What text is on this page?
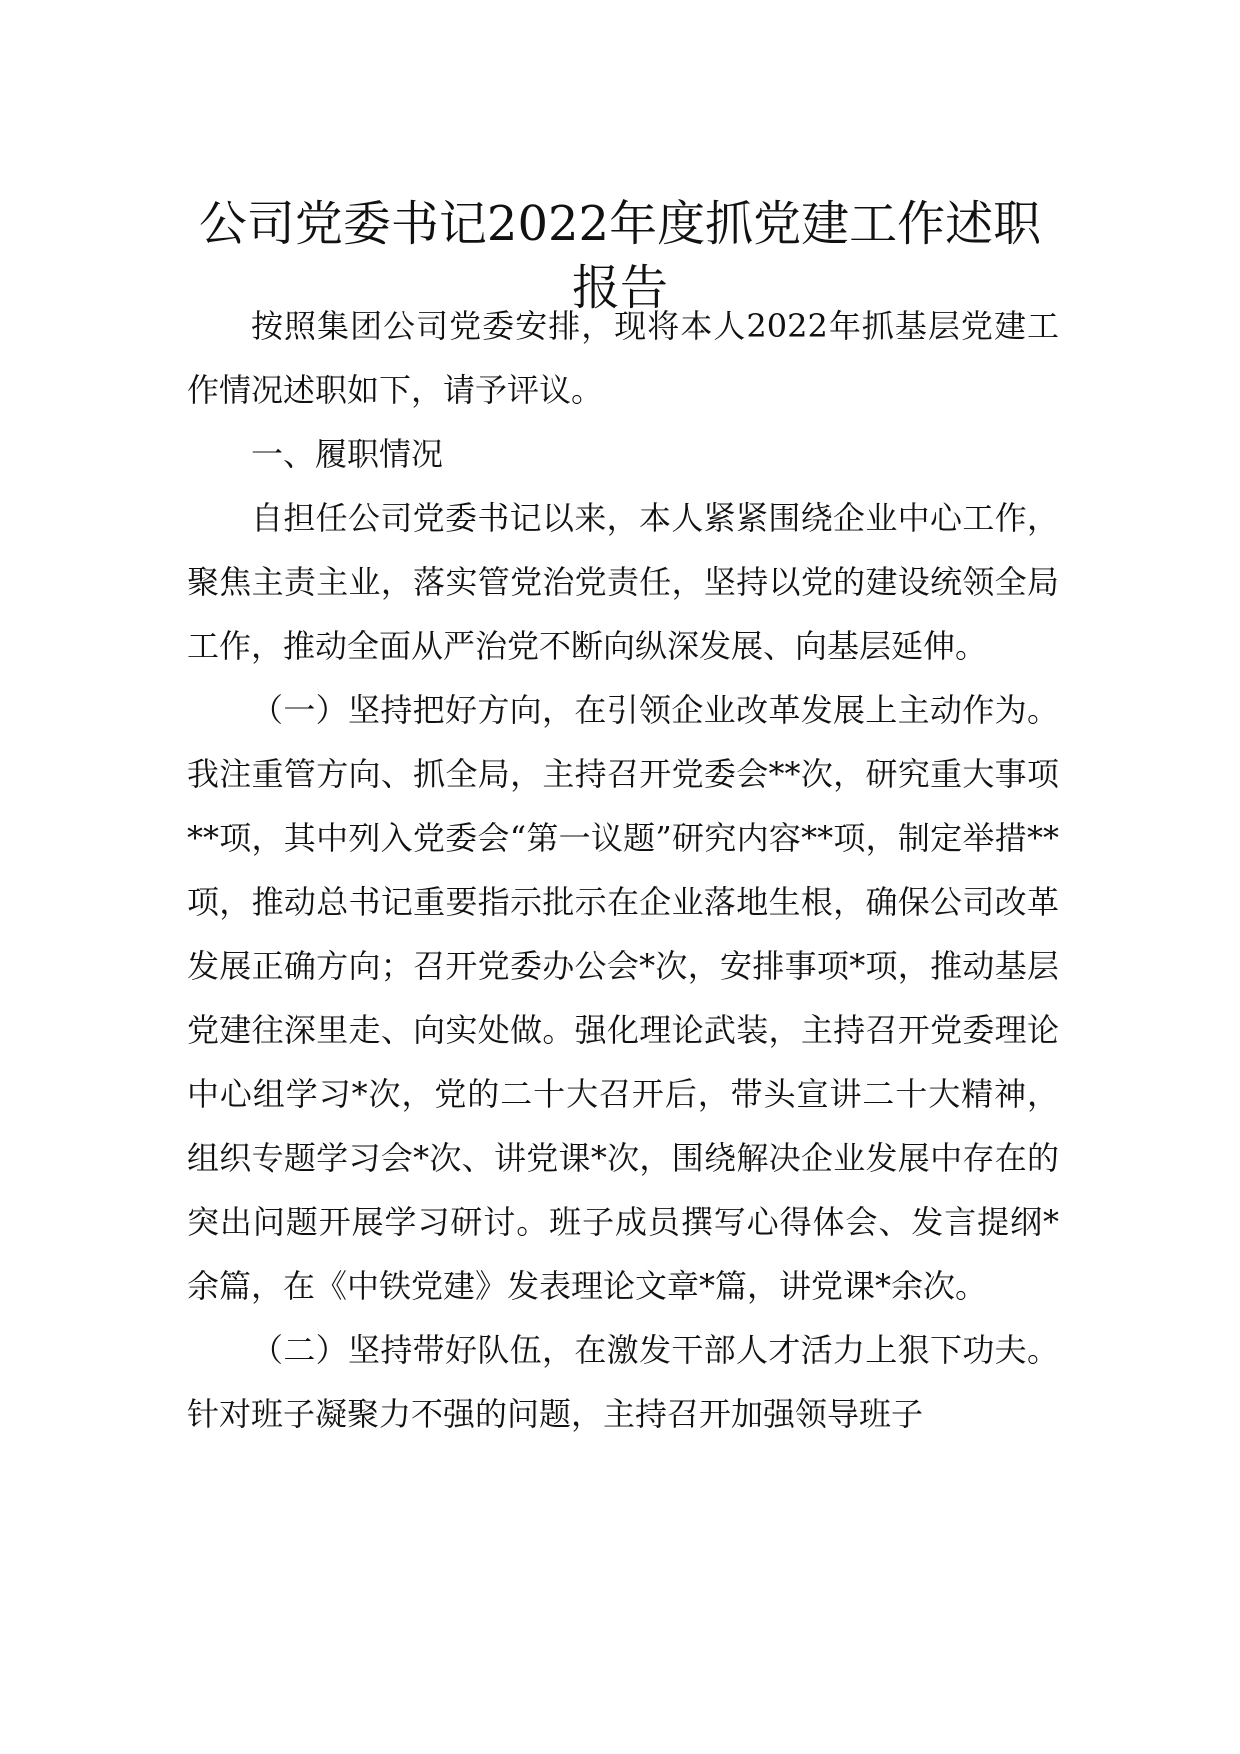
公司党委书记2022年度抓党建工作述职报告

按照集团公司党委安排，现将本人2022年抓基层党建工作情况述职如下，请予评议。

一、履职情况

自担任公司党委书记以来，本人紧紧围绕企业中心工作，聚焦主责主业，落实管党治党责任，坚持以党的建设统领全局工作，推动全面从严治党不断向纵深发展、向基层延伸。

（一）坚持把好方向，在引领企业改革发展上主动作为。我注重管方向、抓全局，主持召开党委会**次，研究重大事项**项，其中列入党委会“第一议题”研究内容**项，制定举措**项，推动总书记重要指示批示在企业落地生根，确保公司改革发展正确方向；召开党委办公会*次，安排事项*项，推动基层党建往深里走、向实处做。强化理论武装，主持召开党委理论中心组学习*次，党的二十大召开后，带头宣讲二十大精神，组织专题学习会*次、讲党课*次，围绕解决企业发展中存在的突出问题开展学习研讨。班子成员撰写心得体会、发言提纲*余篇，在《中铁党建》发表理论文章*篇，讲党课*余次。

（二）坚持带好队伍，在激发干部人才活力上狠下功夫。针对班子凝聚力不强的问题，主持召开加强领导班子
